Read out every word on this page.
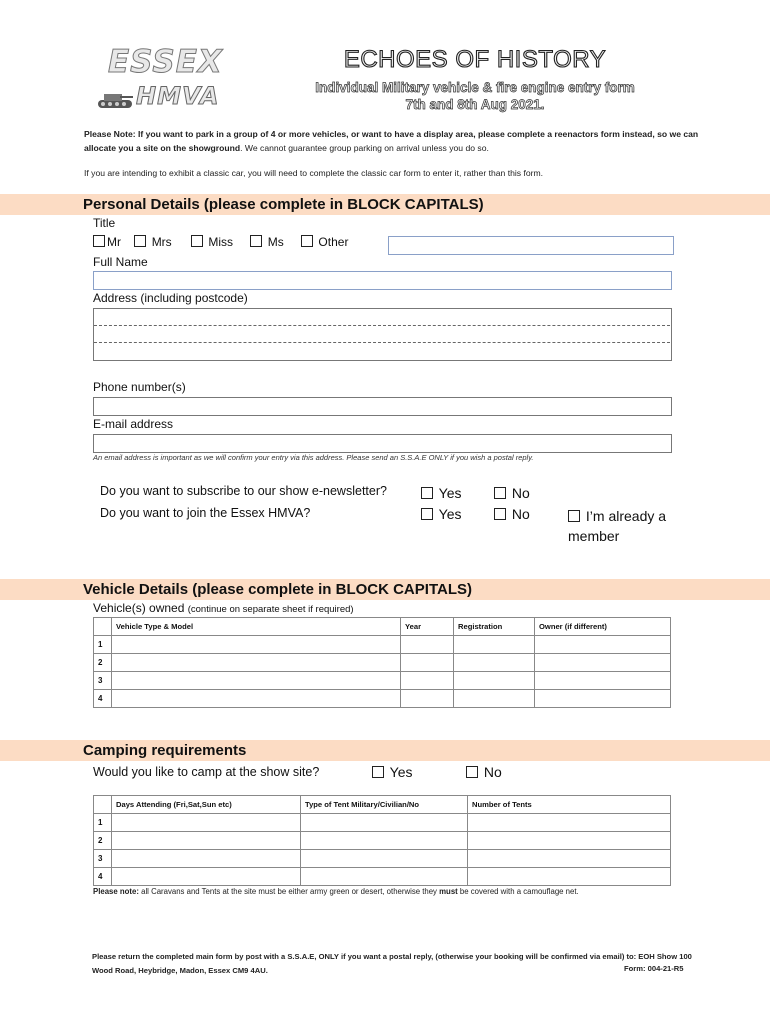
ESSEX
HMVA
ECHOES OF HISTORY
Individual Military vehicle & fire engine entry form
7th and 8th Aug 2021.
Please Note: If you want to park in a group of 4 or more vehicles, or want to have a display area, please complete a reenactors form instead, so we can allocate you a site on the showground. We cannot guarantee group parking on arrival unless you do so.
If you are intending to exhibit a classic car, you will need to complete the classic car form to enter it, rather than this form.
Personal Details (please complete in BLOCK CAPITALS)
Title
Mr	Mrs	Miss	Ms	Other
Full Name
Address (including postcode)
Phone number(s)
E-mail address
An email address is important as we will confirm your entry via this address. Please send an S.S.A.E ONLY if you wish a postal reply.
Do you want to subscribe to our show e-newsletter?	Yes	No
Do you want to join the Essex HMVA?	Yes	No	I’m already a member
Vehicle Details (please complete in BLOCK CAPITALS)
Vehicle(s) owned (continue on separate sheet if required)
	Vehicle Type & Model	Year	Registration	Owner (if different)
1				
2				
3				
4				
Camping requirements
Would you like to camp at the show site?	Yes	No
	Days Attending (Fri,Sat,Sun etc)	Type of Tent Military/Civilian/No	Number of Tents
1			
2			
3			
4			
Please note: all Caravans and Tents at the site must be either army green or desert, otherwise they must be covered with a camouflage net.
Please return the completed main form by post with a S.S.A.E, ONLY if you want a postal reply, (otherwise your booking will be confirmed via email) to: EOH Show 100 Wood Road, Heybridge, Madon, Essex CM9 4AU.	Form: 004-21-R5
